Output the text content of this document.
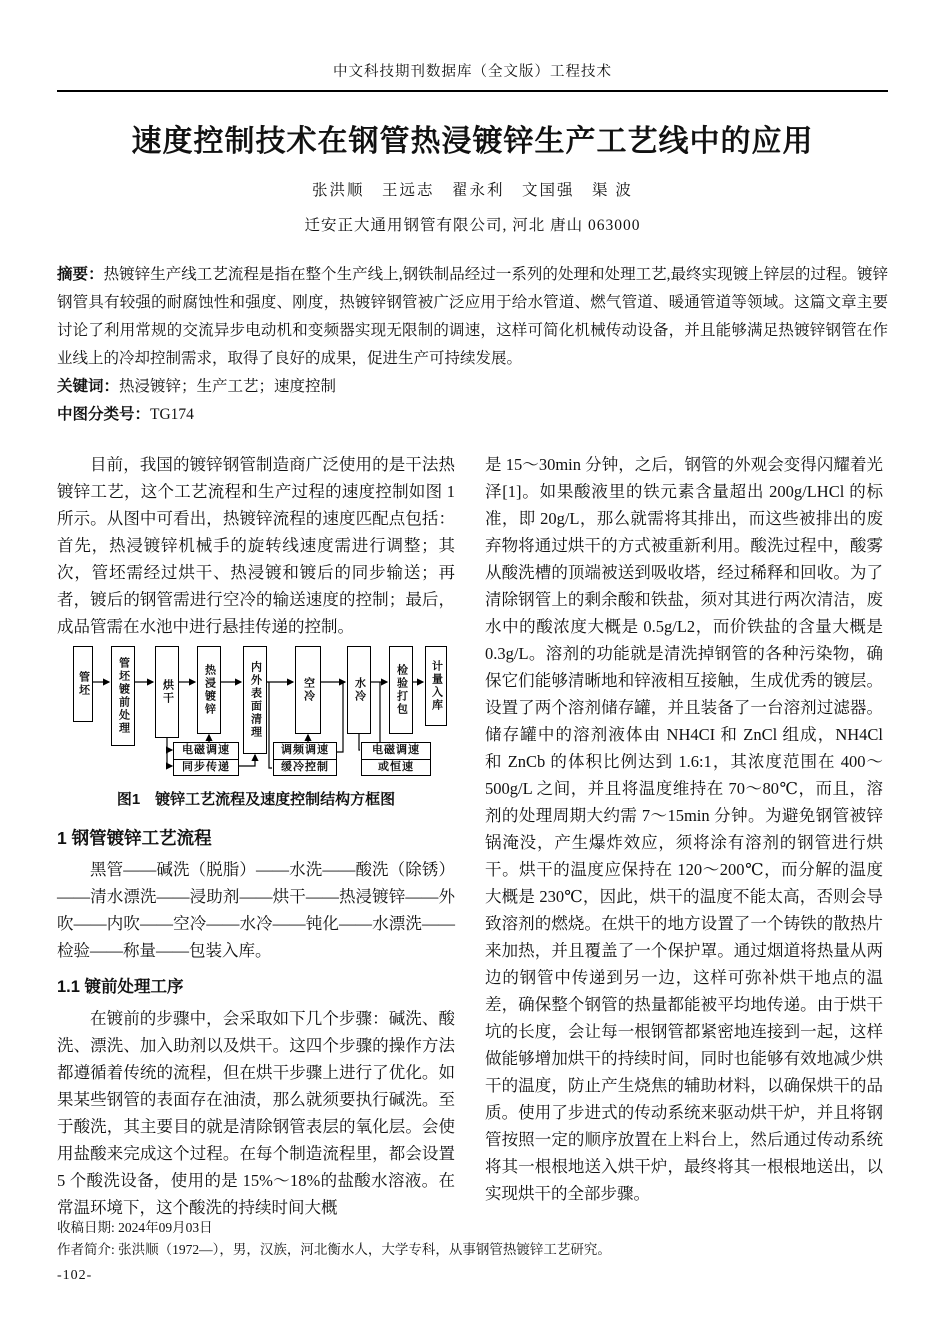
中文科技期刊数据库（全文版）工程技术
速度控制技术在钢管热浸镀锌生产工艺线中的应用
张洪顺　王远志　翟永利　文国强　渠 波
迁安正大通用钢管有限公司, 河北 唐山 063000
摘要：热镀锌生产线工艺流程是指在整个生产线上,钢铁制品经过一系列的处理和处理工艺,最终实现镀上锌层的过程。镀锌钢管具有较强的耐腐蚀性和强度、刚度，热镀锌钢管被广泛应用于给水管道、燃气管道、暖通管道等领域。这篇文章主要讨论了利用常规的交流异步电动机和变频器实现无限制的调速，这样可简化机械传动设备，并且能够满足热镀锌钢管在作业线上的冷却控制需求，取得了良好的成果，促进生产可持续发展。
关键词：热浸镀锌；生产工艺；速度控制
中图分类号：TG174

目前，我国的镀锌钢管制造商广泛使用的是干法热镀锌工艺，这个工艺流程和生产过程的速度控制如图 1 所示。从图中可看出，热镀锌流程的速度匹配点包括：首先，热浸镀锌机械手的旋转线速度需进行调整；其次，管坯需经过烘干、热浸镀和镀后的同步输送；再者，镀后的钢管需进行空冷的输送速度的控制；最后，成品管需在水池中进行悬挂传递的控制。

管坯	管坯镀前处理	烘干	热浸镀锌	内外表面清理	空冷	水冷	检验打包 计量入库
电磁调速
同步传递
调频调速
缓冷控制
电磁调速
或恒速
图1　镀锌工艺流程及速度控制结构方框图
1 钢管镀锌工艺流程

黑管——碱洗（脱脂）——水洗——酸洗（除锈）——清水漂洗——浸助剂——烘干——热浸镀锌——外吹——内吹——空冷——水冷——钝化——水漂洗——检验——称量——包装入库。

1.1 镀前处理工序

在镀前的步骤中，会采取如下几个步骤：碱洗、酸洗、漂洗、加入助剂以及烘干。这四个步骤的操作方法都遵循着传统的流程，但在烘干步骤上进行了优化。如果某些钢管的表面存在油渍，那么就须要执行碱洗。至于酸洗，其主要目的就是清除钢管表层的氧化层。会使用盐酸来完成这个过程。在每个制造流程里，都会设置 5 个酸洗设备，使用的是 15%～18%的盐酸水溶液。在常温环境下，这个酸洗的持续时间大概

是 15～30min 分钟，之后，钢管的外观会变得闪耀着光泽[1]。如果酸液里的铁元素含量超出 200g/LHCl 的标准，即 20g/L，那么就需将其排出，而这些被排出的废弃物将通过烘干的方式被重新利用。酸洗过程中，酸雾从酸洗槽的顶端被送到吸收塔，经过稀释和回收。为了清除钢管上的剩余酸和铁盐，须对其进行两次清洁，废水中的酸浓度大概是 0.5g/L2，而价铁盐的含量大概是 0.3g/L。溶剂的功能就是清洗掉钢管的各种污染物，确保它们能够清晰地和锌液相互接触，生成优秀的镀层。设置了两个溶剂储存罐，并且装备了一台溶剂过滤器。储存罐中的溶剂液体由 NH4CI 和 ZnCl 组成，NH4Cl 和 ZnCb 的体积比例达到 1.6:1，其浓度范围在 400～500g/L 之间，并且将温度维持在 70～80℃，而且，溶剂的处理周期大约需 7～15min 分钟。为避免钢管被锌锅淹没，产生爆炸效应，须将涂有溶剂的钢管进行烘干。烘干的温度应保持在 120～200℃，而分解的温度大概是 230℃，因此，烘干的温度不能太高，否则会导致溶剂的燃烧。在烘干的地方设置了一个铸铁的散热片来加热，并且覆盖了一个保护罩。通过烟道将热量从两边的钢管中传递到另一边，这样可弥补烘干地点的温差，确保整个钢管的热量都能被平均地传递。由于烘干坑的长度，会让每一根钢管都紧密地连接到一起，这样做能够增加烘干的持续时间，同时也能够有效地减少烘干的温度，防止产生烧焦的辅助材料，以确保烘干的品质。使用了步进式的传动系统来驱动烘干炉，并且将钢管按照一定的顺序放置在上料台上，然后通过传动系统将其一根根地送入烘干炉，最终将其一根根地送出，以实现烘干的全部步骤。

收稿日期: 2024年09月03日

作者简介: 张洪顺（1972—），男，汉族，河北衡水人，大学专科，从事钢管热镀锌工艺研究。

-102-
